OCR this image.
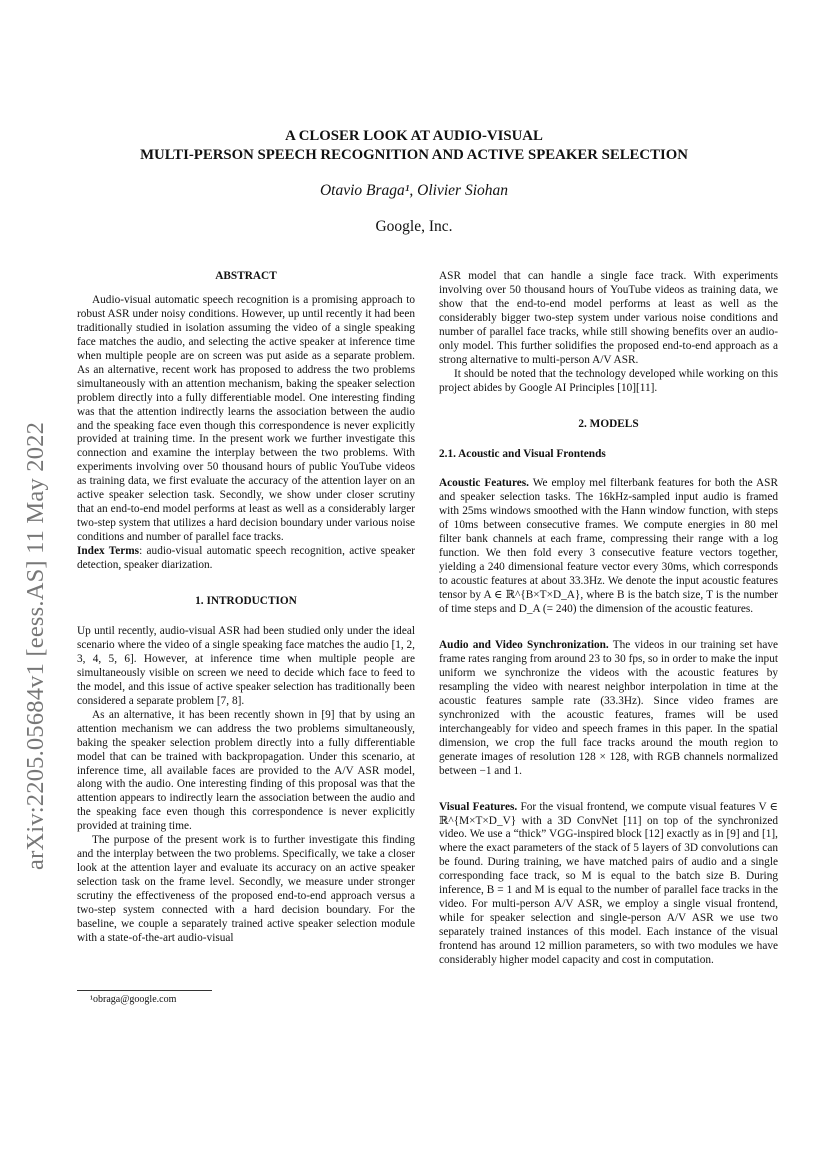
arXiv:2205.05684v1 [eess.AS] 11 May 2022
A CLOSER LOOK AT AUDIO-VISUAL
MULTI-PERSON SPEECH RECOGNITION AND ACTIVE SPEAKER SELECTION
Otavio Braga¹, Olivier Siohan
Google, Inc.
ABSTRACT

Audio-visual automatic speech recognition is a promising approach to robust ASR under noisy conditions. However, up until recently it had been traditionally studied in isolation assuming the video of a single speaking face matches the audio, and selecting the active speaker at inference time when multiple people are on screen was put aside as a separate problem. As an alternative, recent work has proposed to address the two problems simultaneously with an attention mechanism, baking the speaker selection problem directly into a fully differentiable model. One interesting finding was that the attention indirectly learns the association between the audio and the speaking face even though this correspondence is never explicitly provided at training time. In the present work we further investigate this connection and examine the interplay between the two problems. With experiments involving over 50 thousand hours of public YouTube videos as training data, we first evaluate the accuracy of the attention layer on an active speaker selection task. Secondly, we show under closer scrutiny that an end-to-end model performs at least as well as a considerably larger two-step system that utilizes a hard decision boundary under various noise conditions and number of parallel face tracks.

Index Terms: audio-visual automatic speech recognition, active speaker detection, speaker diarization.

1. INTRODUCTION

Up until recently, audio-visual ASR had been studied only under the ideal scenario where the video of a single speaking face matches the audio [1, 2, 3, 4, 5, 6]. However, at inference time when multiple people are simultaneously visible on screen we need to decide which face to feed to the model, and this issue of active speaker selection has traditionally been considered a separate problem [7, 8].

As an alternative, it has been recently shown in [9] that by using an attention mechanism we can address the two problems simultaneously, baking the speaker selection problem directly into a fully differentiable model that can be trained with backpropagation. Under this scenario, at inference time, all available faces are provided to the A/V ASR model, along with the audio. One interesting finding of this proposal was that the attention appears to indirectly learn the association between the audio and the speaking face even though this correspondence is never explicitly provided at training time.

The purpose of the present work is to further investigate this finding and the interplay between the two problems. Specifically, we take a closer look at the attention layer and evaluate its accuracy on an active speaker selection task on the frame level. Secondly, we measure under stronger scrutiny the effectiveness of the proposed end-to-end approach versus a two-step system connected with a hard decision boundary. For the baseline, we couple a separately trained active speaker selection module with a state-of-the-art audio-visual

¹obraga@google.com

ASR model that can handle a single face track. With experiments involving over 50 thousand hours of YouTube videos as training data, we show that the end-to-end model performs at least as well as the considerably bigger two-step system under various noise conditions and number of parallel face tracks, while still showing benefits over an audio-only model. This further solidifies the proposed end-to-end approach as a strong alternative to multi-person A/V ASR.

It should be noted that the technology developed while working on this project abides by Google AI Principles [10][11].

2. MODELS

2.1. Acoustic and Visual Frontends

Acoustic Features. We employ mel filterbank features for both the ASR and speaker selection tasks. The 16kHz-sampled input audio is framed with 25ms windows smoothed with the Hann window function, with steps of 10ms between consecutive frames. We compute energies in 80 mel filter bank channels at each frame, compressing their range with a log function. We then fold every 3 consecutive feature vectors together, yielding a 240 dimensional feature vector every 30ms, which corresponds to acoustic features at about 33.3Hz. We denote the input acoustic features tensor by A ∈ ℝ^{B×T×D_A}, where B is the batch size, T is the number of time steps and D_A (= 240) the dimension of the acoustic features.

Audio and Video Synchronization. The videos in our training set have frame rates ranging from around 23 to 30 fps, so in order to make the input uniform we synchronize the videos with the acoustic features by resampling the video with nearest neighbor interpolation in time at the acoustic features sample rate (33.3Hz). Since video frames are synchronized with the acoustic features, frames will be used interchangeably for video and speech frames in this paper. In the spatial dimension, we crop the full face tracks around the mouth region to generate images of resolution 128 × 128, with RGB channels normalized between −1 and 1.

Visual Features. For the visual frontend, we compute visual features V ∈ ℝ^{M×T×D_V} with a 3D ConvNet [11] on top of the synchronized video. We use a “thick” VGG-inspired block [12] exactly as in [9] and [1], where the exact parameters of the stack of 5 layers of 3D convolutions can be found. During training, we have matched pairs of audio and a single corresponding face track, so M is equal to the batch size B. During inference, B = 1 and M is equal to the number of parallel face tracks in the video. For multi-person A/V ASR, we employ a single visual frontend, while for speaker selection and single-person A/V ASR we use two separately trained instances of this model. Each instance of the visual frontend has around 12 million parameters, so with two modules we have considerably higher model capacity and cost in computation.
